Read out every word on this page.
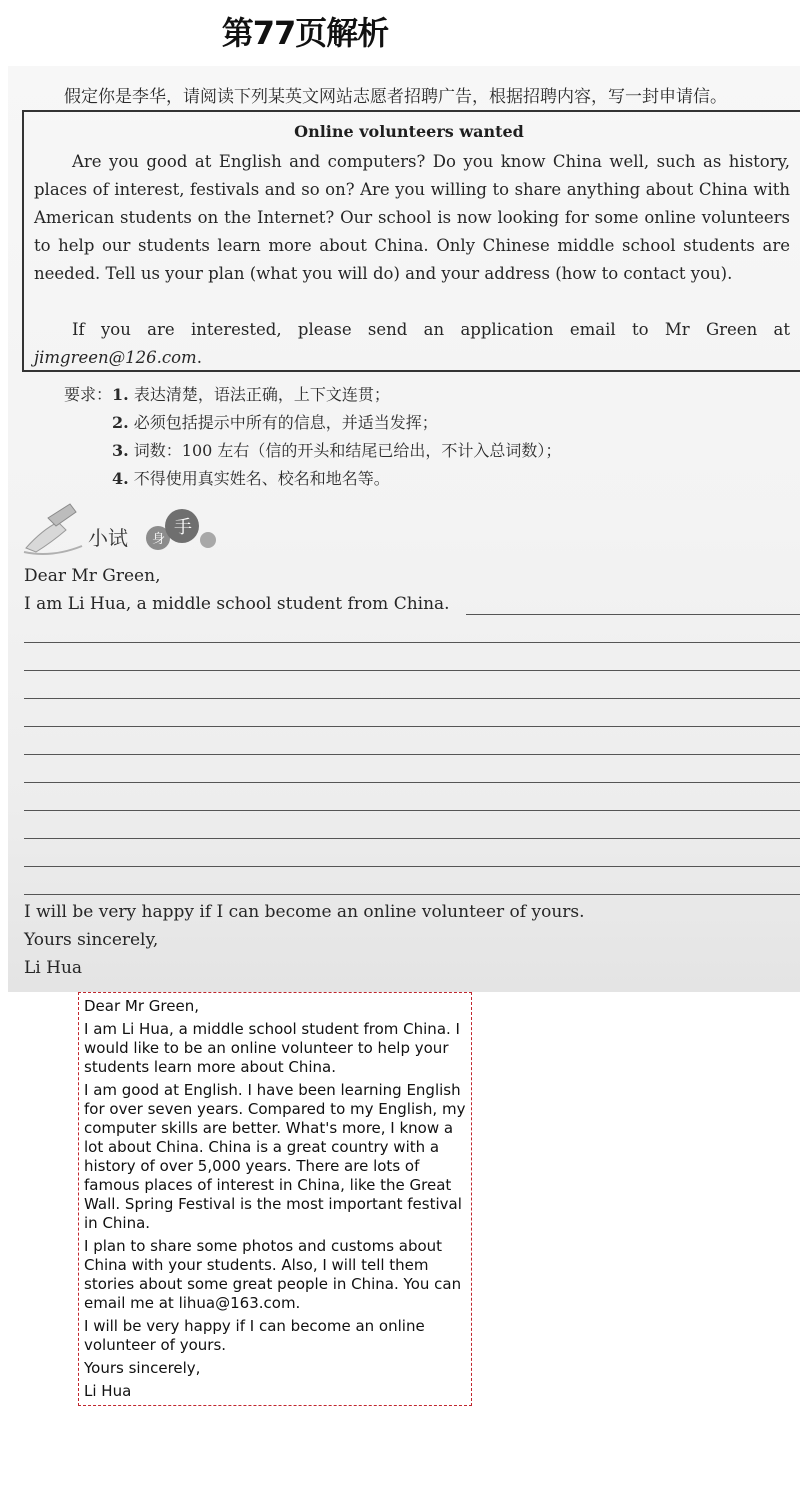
第77页解析
假定你是李华，请阅读下列某英文网站志愿者招聘广告，根据招聘内容，写一封申请信。
Online volunteers wanted
Are you good at English and computers? Do you know China well, such as history, places of interest, festivals and so on? Are you willing to share anything about China with American students on the Internet? Our school is now looking for some online volunteers to help our students learn more about China. Only Chinese middle school students are needed. Tell us your plan (what you will do) and your address (how to contact you).
If you are interested, please send an application email to Mr Green at jimgreen@126.com.
要求：1. 表达清楚，语法正确，上下文连贯；
2. 必须包括提示中所有的信息，并适当发挥；
3. 词数：100 左右（信的开头和结尾已给出，不计入总词数）；
4. 不得使用真实姓名、校名和地名等。
身
手
小试
Dear Mr Green,
I am Li Hua, a middle school student from China.
I will be very happy if I can become an online volunteer of yours.
Yours sincerely,
Li Hua

Dear Mr Green,

I am Li Hua, a middle school student from China. I would like to be an online volunteer to help your students learn more about China.

I am good at English. I have been learning English for over seven years. Compared to my English, my computer skills are better. What's more, I know a lot about China. China is a great country with a history of over 5,000 years. There are lots of famous places of interest in China, like the Great Wall. Spring Festival is the most important festival in China.

I plan to share some photos and customs about China with your students. Also, I will tell them stories about some great people in China. You can email me at lihua@163.com.

I will be very happy if I can become an online volunteer of yours.

Yours sincerely,

Li Hua
